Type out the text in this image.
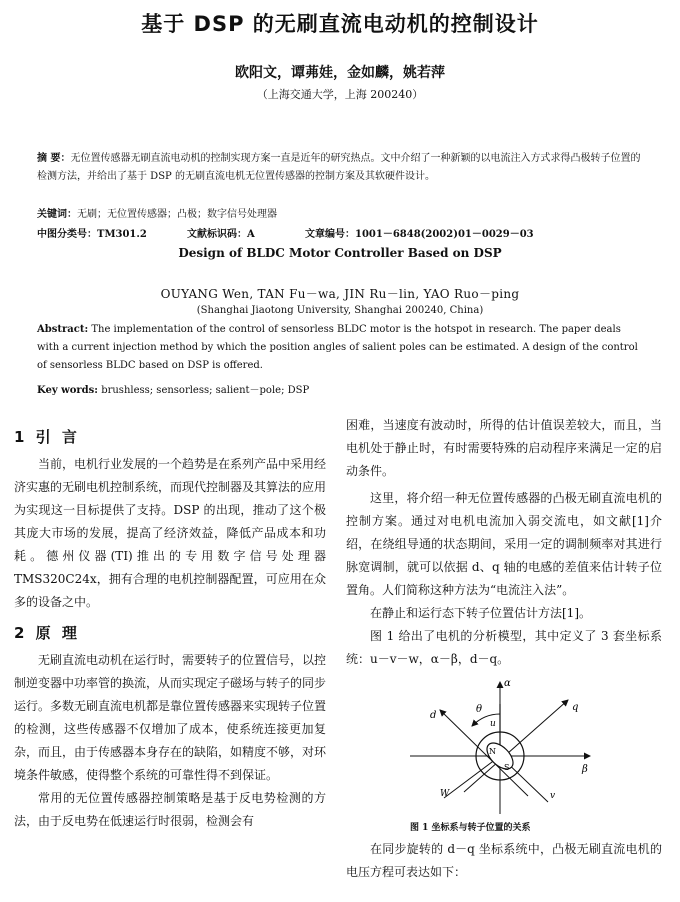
基于 DSP 的无刷直流电动机的控制设计
欧阳文，谭茀娃，金如麟，姚若萍
（上海交通大学，上海 200240）
摘 要：无位置传感器无刷直流电动机的控制实现方案一直是近年的研究热点。文中介绍了一种新颖的以电流注入方式求得凸极转子位置的检测方法，并给出了基于 DSP 的无刷直流电机无位置传感器的控制方案及其软硬件设计。
关键词：无刷；无位置传感器；凸极；数字信号处理器
中图分类号：TM301.2	文献标识码：A	文章编号：1001－6848(2002)01－0029－03
Design of BLDC Motor Controller Based on DSP
OUYANG Wen, TAN Fu－wa, JIN Ru－lin, YAO Ruo－ping
(Shanghai Jiaotong University, Shanghai 200240, China)
Abstract: The implementation of the control of sensorless BLDC motor is the hotspot in research. The paper deals with a current injection method by which the position angles of salient poles can be estimated. A design of the control of sensorless BLDC based on DSP is offered.
Key words: brushless; sensorless; salient－pole; DSP
1 引 言

当前，电机行业发展的一个趋势是在系列产品中采用经济实惠的无刷电机控制系统，而现代控制器及其算法的应用为实现这一目标提供了支持。DSP 的出现，推动了这个极其庞大市场的发展，提高了经济效益，降低产品成本和功耗。德州仪器(TI)推出的专用数字信号处理器 TMS320C24x，拥有合理的电机控制器配置，可应用在众多的设备之中。

2 原 理

无刷直流电动机在运行时，需要转子的位置信号，以控制逆变器中功率管的换流，从而实现定子磁场与转子的同步运行。多数无刷直流电机都是靠位置传感器来实现转子位置的检测，这些传感器不仅增加了成本，使系统连接更加复杂，而且，由于传感器本身存在的缺陷，如精度不够，对环境条件敏感，使得整个系统的可靠性得不到保证。

常用的无位置传感器控制策略是基于反电势检测的方法，由于反电势在低速运行时很弱，检测会有

困难，当速度有波动时，所得的估计值误差较大，而且，当电机处于静止时，有时需要特殊的启动程序来满足一定的启动条件。

这里，将介绍一种无位置传感器的凸极无刷直流电机的控制方案。通过对电机电流加入弱交流电，如文献[1]介绍，在绕组导通的状态期间，采用一定的调制频率对其进行脉宽调制，就可以依据 d、q 轴的电感的差值来估计转子位置角。人们简称这种方法为“电流注入法”。

在静止和运行态下转子位置估计方法[1]。

图 1 给出了电机的分析模型，其中定义了 3 套坐标系统：u－v－w，α－β，d－q。

α
β
d
q
θ
u
v
W
N
S
图 1 坐标系与转子位置的关系

在同步旋转的 d－q 坐标系统中，凸极无刷直流电机的电压方程可表达如下：
